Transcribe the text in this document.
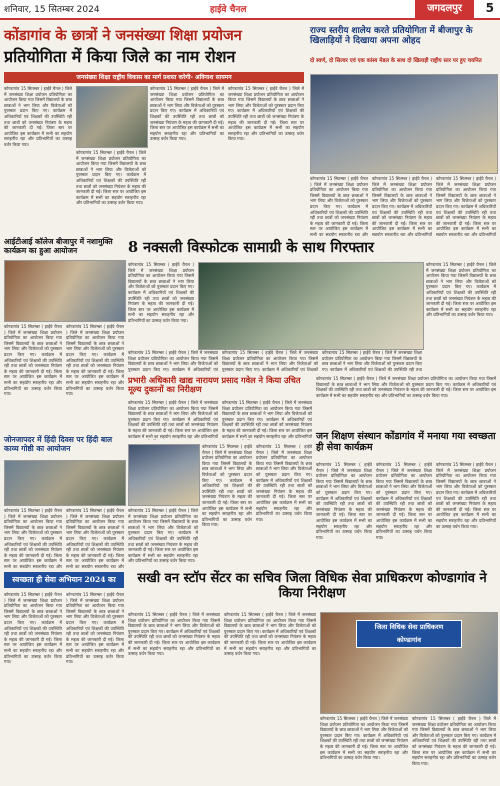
शनिवार, 15 सितम्बर 2024	हाईवे चैनल	जगदलपुर	5
कोंडागांव के छात्रों ने जनसंख्या शिक्षा प्रयोजन
प्रतियोगिता में किया जिले का नाम रोशन
जनसंख्या शिक्षा राष्ट्रीय विकास का मार्ग प्रशस्त करेगी- अविनाश सायमन
कोण्डागांव 15 सितम्बर ( हाईवे चैनल ) जिले में जनसंख्या शिक्षा प्रयोजन प्रतियोगिता का आयोजन किया गया जिसमें विद्यालयों के छात्र छात्राओं ने भाग लिया और विजेताओं को पुरस्कार प्रदान किए गए। कार्यक्रम में अधिकारियों एवं शिक्षकों की उपस्थिति रही तथा छात्रों को जनसंख्या नियंत्रण के महत्व की जानकारी दी गई। जिला स्तर पर आयोजित इस कार्यक्रम में सभी का सहयोग सराहनीय रहा और प्रतिभागियों का उत्साह वर्धन किया गया।
कोण्डागांव 15 सितम्बर ( हाईवे चैनल ) जिले में जनसंख्या शिक्षा प्रयोजन प्रतियोगिता का आयोजन किया गया जिसमें विद्यालयों के छात्र छात्राओं ने भाग लिया और विजेताओं को पुरस्कार प्रदान किए गए। कार्यक्रम में अधिकारियों एवं शिक्षकों की उपस्थिति रही तथा छात्रों को जनसंख्या नियंत्रण के महत्व की जानकारी दी गई। जिला स्तर पर आयोजित इस कार्यक्रम में सभी का सहयोग सराहनीय रहा और प्रतिभागियों का उत्साह वर्धन किया गया।
कोण्डागांव 15 सितम्बर ( हाईवे चैनल ) जिले में जनसंख्या शिक्षा प्रयोजन प्रतियोगिता का आयोजन किया गया जिसमें विद्यालयों के छात्र छात्राओं ने भाग लिया और विजेताओं को पुरस्कार प्रदान किए गए। कार्यक्रम में अधिकारियों एवं शिक्षकों की उपस्थिति रही तथा छात्रों को जनसंख्या नियंत्रण के महत्व की जानकारी दी गई। जिला स्तर पर आयोजित इस कार्यक्रम में सभी का सहयोग सराहनीय रहा और प्रतिभागियों का उत्साह वर्धन किया गया।
कोण्डागांव 15 सितम्बर ( हाईवे चैनल ) जिले में जनसंख्या शिक्षा प्रयोजन प्रतियोगिता का आयोजन किया गया जिसमें विद्यालयों के छात्र छात्राओं ने भाग लिया और विजेताओं को पुरस्कार प्रदान किए गए। कार्यक्रम में अधिकारियों एवं शिक्षकों की उपस्थिति रही तथा छात्रों को जनसंख्या नियंत्रण के महत्व की जानकारी दी गई। जिला स्तर पर आयोजित इस कार्यक्रम में सभी का सहयोग सराहनीय रहा और प्रतिभागियों का उत्साह वर्धन किया गया।
राज्य स्तरीय शालेय करते प्रतियोगिता में बीजापुर के खिलाड़ियों ने दिखाया अपना ओहद
दो स्वर्ण, दो सिल्वर एवं एक कांस्य मेडल के साथ दो खिलाड़ी राष्ट्रीय स्तर पर हुए चयनित
कोण्डागांव 15 सितम्बर ( हाईवे चैनल ) जिले में जनसंख्या शिक्षा प्रयोजन प्रतियोगिता का आयोजन किया गया जिसमें विद्यालयों के छात्र छात्राओं ने भाग लिया और विजेताओं को पुरस्कार प्रदान किए गए। कार्यक्रम में अधिकारियों एवं शिक्षकों की उपस्थिति रही तथा छात्रों को जनसंख्या नियंत्रण के महत्व की जानकारी दी गई। जिला स्तर पर आयोजित इस कार्यक्रम में सभी का सहयोग सराहनीय रहा और
कोण्डागांव 15 सितम्बर ( हाईवे चैनल ) जिले में जनसंख्या शिक्षा प्रयोजन प्रतियोगिता का आयोजन किया गया जिसमें विद्यालयों के छात्र छात्राओं ने भाग लिया और विजेताओं को पुरस्कार प्रदान किए गए। कार्यक्रम में अधिकारियों एवं शिक्षकों की उपस्थिति रही तथा छात्रों को जनसंख्या नियंत्रण के महत्व की जानकारी दी गई। जिला स्तर पर आयोजित इस कार्यक्रम में सभी का सहयोग सराहनीय रहा और प्रतिभागियों
कोण्डागांव 15 सितम्बर ( हाईवे चैनल ) जिले में जनसंख्या शिक्षा प्रयोजन प्रतियोगिता का आयोजन किया गया जिसमें विद्यालयों के छात्र छात्राओं ने भाग लिया और विजेताओं को पुरस्कार प्रदान किए गए। कार्यक्रम में अधिकारियों एवं शिक्षकों की उपस्थिति रही तथा छात्रों को जनसंख्या नियंत्रण के महत्व की जानकारी दी गई। जिला स्तर पर आयोजित इस कार्यक्रम में सभी का सहयोग सराहनीय रहा और प्रतिभागियों
आईटीआई कॉलेज बीजापुर में नशामुक्ति कार्यक्रम का हुआ आयोजन
कोण्डागांव 15 सितम्बर ( हाईवे चैनल ) जिले में जनसंख्या शिक्षा प्रयोजन प्रतियोगिता का आयोजन किया गया जिसमें विद्यालयों के छात्र छात्राओं ने भाग लिया और विजेताओं को पुरस्कार प्रदान किए गए। कार्यक्रम में अधिकारियों एवं शिक्षकों की उपस्थिति रही तथा छात्रों को जनसंख्या नियंत्रण के महत्व की जानकारी दी गई। जिला स्तर पर आयोजित इस कार्यक्रम में सभी का सहयोग सराहनीय रहा और प्रतिभागियों का उत्साह वर्धन किया गया।
कोण्डागांव 15 सितम्बर ( हाईवे चैनल ) जिले में जनसंख्या शिक्षा प्रयोजन प्रतियोगिता का आयोजन किया गया जिसमें विद्यालयों के छात्र छात्राओं ने भाग लिया और विजेताओं को पुरस्कार प्रदान किए गए। कार्यक्रम में अधिकारियों एवं शिक्षकों की उपस्थिति रही तथा छात्रों को जनसंख्या नियंत्रण के महत्व की जानकारी दी गई। जिला स्तर पर आयोजित इस कार्यक्रम में सभी का सहयोग सराहनीय रहा और प्रतिभागियों का उत्साह वर्धन किया गया।
8 नक्सली विस्फोटक सामाग्री के साथ गिरफ्तार
कोण्डागांव 15 सितम्बर ( हाईवे चैनल ) जिले में जनसंख्या शिक्षा प्रयोजन प्रतियोगिता का आयोजन किया गया जिसमें विद्यालयों के छात्र छात्राओं ने भाग लिया और विजेताओं को पुरस्कार प्रदान किए गए। कार्यक्रम में अधिकारियों एवं शिक्षकों की उपस्थिति रही तथा छात्रों को जनसंख्या नियंत्रण के महत्व की जानकारी दी गई। जिला स्तर पर आयोजित इस कार्यक्रम में सभी का सहयोग सराहनीय रहा और प्रतिभागियों का उत्साह वर्धन किया गया।
कोण्डागांव 15 सितम्बर ( हाईवे चैनल ) जिले में जनसंख्या शिक्षा प्रयोजन प्रतियोगिता का आयोजन किया गया जिसमें विद्यालयों के छात्र छात्राओं ने भाग लिया और विजेताओं को पुरस्कार प्रदान किए गए। कार्यक्रम में अधिकारियों एवं शिक्षकों की उपस्थिति रही तथा छात्रों को जनसंख्या नियंत्रण के महत्व की जानकारी दी गई। जिला स्तर पर आयोजित इस कार्यक्रम में सभी का सहयोग सराहनीय रहा और प्रतिभागियों का उत्साह वर्धन किया गया।
कोण्डागांव 15 सितम्बर ( हाईवे चैनल ) जिले में जनसंख्या शिक्षा प्रयोजन प्रतियोगिता का आयोजन किया गया जिसमें विद्यालयों के छात्र छात्राओं ने भाग लिया और विजेताओं को पुरस्कार प्रदान किए गए। कार्यक्रम में अधिकारियों एवं
कोण्डागांव 15 सितम्बर ( हाईवे चैनल ) जिले में जनसंख्या शिक्षा प्रयोजन प्रतियोगिता का आयोजन किया गया जिसमें विद्यालयों के छात्र छात्राओं ने भाग लिया और विजेताओं को पुरस्कार प्रदान किए गए। कार्यक्रम में अधिकारियों एवं शिक्षकों
कोण्डागांव 15 सितम्बर ( हाईवे चैनल ) जिले में जनसंख्या शिक्षा प्रयोजन प्रतियोगिता का आयोजन किया गया जिसमें विद्यालयों के छात्र छात्राओं ने भाग लिया और विजेताओं को पुरस्कार प्रदान किए गए। कार्यक्रम में अधिकारियों एवं शिक्षकों की उपस्थिति रही तथा
प्रभारी अधिकारी खाद्य नारायण प्रसाद गवेल ने किया उचित मूल्य दुकानों का निरीक्षण
कोण्डागांव 15 सितम्बर ( हाईवे चैनल ) जिले में जनसंख्या शिक्षा प्रयोजन प्रतियोगिता का आयोजन किया गया जिसमें विद्यालयों के छात्र छात्राओं ने भाग लिया और विजेताओं को पुरस्कार प्रदान किए गए। कार्यक्रम में अधिकारियों एवं शिक्षकों की उपस्थिति रही तथा छात्रों को जनसंख्या नियंत्रण के महत्व की जानकारी दी गई। जिला स्तर पर आयोजित इस कार्यक्रम में सभी का सहयोग सराहनीय रहा और प्रतिभागियों
कोण्डागांव 15 सितम्बर ( हाईवे चैनल ) जिले में जनसंख्या शिक्षा प्रयोजन प्रतियोगिता का आयोजन किया गया जिसमें विद्यालयों के छात्र छात्राओं ने भाग लिया और विजेताओं को पुरस्कार प्रदान किए गए। कार्यक्रम में अधिकारियों एवं शिक्षकों की उपस्थिति रही तथा छात्रों को जनसंख्या नियंत्रण के महत्व की जानकारी दी गई। जिला स्तर पर आयोजित इस कार्यक्रम में सभी का सहयोग सराहनीय रहा और प्रतिभागियों
कोण्डागांव 15 सितम्बर ( हाईवे चैनल ) जिले में जनसंख्या शिक्षा प्रयोजन प्रतियोगिता का आयोजन किया गया जिसमें विद्यालयों के छात्र छात्राओं ने भाग लिया और विजेताओं को पुरस्कार प्रदान किए गए। कार्यक्रम में अधिकारियों एवं शिक्षकों की उपस्थिति रही तथा छात्रों को जनसंख्या नियंत्रण के महत्व की जानकारी दी गई। जिला स्तर पर आयोजित इस कार्यक्रम में सभी का सहयोग सराहनीय रहा और प्रतिभागियों का उत्साह वर्धन किया गया।
जोनजापदर में हिंदी दिवस पर हिंदी बाल काव्य गोष्ठी का आयोजन
कोण्डागांव 15 सितम्बर ( हाईवे चैनल ) जिले में जनसंख्या शिक्षा प्रयोजन प्रतियोगिता का आयोजन किया गया जिसमें विद्यालयों के छात्र छात्राओं ने भाग लिया और विजेताओं को पुरस्कार प्रदान किए गए। कार्यक्रम में अधिकारियों एवं शिक्षकों की उपस्थिति रही तथा छात्रों को जनसंख्या नियंत्रण के महत्व की जानकारी दी गई। जिला स्तर पर आयोजित इस कार्यक्रम में सभी का सहयोग सराहनीय रहा और
कोण्डागांव 15 सितम्बर ( हाईवे चैनल ) जिले में जनसंख्या शिक्षा प्रयोजन प्रतियोगिता का आयोजन किया गया जिसमें विद्यालयों के छात्र छात्राओं ने भाग लिया और विजेताओं को पुरस्कार प्रदान किए गए। कार्यक्रम में अधिकारियों एवं शिक्षकों की उपस्थिति रही तथा छात्रों को जनसंख्या नियंत्रण के महत्व की जानकारी दी गई। जिला स्तर पर आयोजित इस कार्यक्रम में सभी का सहयोग सराहनीय रहा और
कोण्डागांव 15 सितम्बर ( हाईवे चैनल ) जिले में जनसंख्या शिक्षा प्रयोजन प्रतियोगिता का आयोजन किया गया जिसमें विद्यालयों के छात्र छात्राओं ने भाग लिया और विजेताओं को पुरस्कार प्रदान किए गए। कार्यक्रम में अधिकारियों एवं शिक्षकों की उपस्थिति रही तथा छात्रों को जनसंख्या नियंत्रण के महत्व की जानकारी दी गई। जिला स्तर पर आयोजित इस कार्यक्रम में सभी का सहयोग सराहनीय रहा और प्रतिभागियों का उत्साह वर्धन किया गया।
कोण्डागांव 15 सितम्बर ( हाईवे चैनल ) जिले में जनसंख्या शिक्षा प्रयोजन प्रतियोगिता का आयोजन किया गया जिसमें विद्यालयों के छात्र छात्राओं ने भाग लिया और विजेताओं को पुरस्कार प्रदान किए गए। कार्यक्रम में अधिकारियों एवं शिक्षकों की उपस्थिति रही तथा छात्रों को जनसंख्या नियंत्रण के महत्व की जानकारी दी गई। जिला स्तर पर आयोजित इस कार्यक्रम में सभी का सहयोग सराहनीय रहा और प्रतिभागियों का उत्साह वर्धन किया गया।
कोण्डागांव 15 सितम्बर ( हाईवे चैनल ) जिले में जनसंख्या शिक्षा प्रयोजन प्रतियोगिता का आयोजन किया गया जिसमें विद्यालयों के छात्र छात्राओं ने भाग लिया और विजेताओं को पुरस्कार प्रदान किए गए। कार्यक्रम में अधिकारियों एवं शिक्षकों की उपस्थिति रही तथा छात्रों को जनसंख्या नियंत्रण के महत्व की जानकारी दी गई। जिला स्तर पर आयोजित इस कार्यक्रम में सभी का सहयोग सराहनीय रहा और प्रतिभागियों का उत्साह वर्धन किया गया।
जन शिक्षण संस्थान कोंडागांव में मनाया गया स्वच्छता ही सेवा कार्यक्रम
कोण्डागांव 15 सितम्बर ( हाईवे चैनल ) जिले में जनसंख्या शिक्षा प्रयोजन प्रतियोगिता का आयोजन किया गया जिसमें विद्यालयों के छात्र छात्राओं ने भाग लिया और विजेताओं को पुरस्कार प्रदान किए गए। कार्यक्रम में अधिकारियों एवं शिक्षकों की उपस्थिति रही तथा छात्रों को जनसंख्या नियंत्रण के महत्व की जानकारी दी गई। जिला स्तर पर आयोजित इस कार्यक्रम में सभी का सहयोग सराहनीय रहा और प्रतिभागियों का उत्साह वर्धन किया गया।
कोण्डागांव 15 सितम्बर ( हाईवे चैनल ) जिले में जनसंख्या शिक्षा प्रयोजन प्रतियोगिता का आयोजन किया गया जिसमें विद्यालयों के छात्र छात्राओं ने भाग लिया और विजेताओं को पुरस्कार प्रदान किए गए। कार्यक्रम में अधिकारियों एवं शिक्षकों की उपस्थिति रही तथा छात्रों को जनसंख्या नियंत्रण के महत्व की जानकारी दी गई। जिला स्तर पर आयोजित इस कार्यक्रम में सभी का सहयोग सराहनीय रहा और प्रतिभागियों का उत्साह वर्धन किया गया।
कोण्डागांव 15 सितम्बर ( हाईवे चैनल ) जिले में जनसंख्या शिक्षा प्रयोजन प्रतियोगिता का आयोजन किया गया जिसमें विद्यालयों के छात्र छात्राओं ने भाग लिया और विजेताओं को पुरस्कार प्रदान किए गए। कार्यक्रम में अधिकारियों एवं शिक्षकों की उपस्थिति रही तथा छात्रों को जनसंख्या नियंत्रण के महत्व की जानकारी दी गई। जिला स्तर पर आयोजित इस कार्यक्रम में सभी का सहयोग सराहनीय रहा और प्रतिभागियों का उत्साह वर्धन किया गया।
स्वच्छता ही सेवा अभियान 2024 का शुभारंभ
कोण्डागांव 15 सितम्बर ( हाईवे चैनल ) जिले में जनसंख्या शिक्षा प्रयोजन प्रतियोगिता का आयोजन किया गया जिसमें विद्यालयों के छात्र छात्राओं ने भाग लिया और विजेताओं को पुरस्कार प्रदान किए गए। कार्यक्रम में अधिकारियों एवं शिक्षकों की उपस्थिति रही तथा छात्रों को जनसंख्या नियंत्रण के महत्व की जानकारी दी गई। जिला स्तर पर आयोजित इस कार्यक्रम में सभी का सहयोग सराहनीय रहा और प्रतिभागियों का उत्साह वर्धन किया गया।
कोण्डागांव 15 सितम्बर ( हाईवे चैनल ) जिले में जनसंख्या शिक्षा प्रयोजन प्रतियोगिता का आयोजन किया गया जिसमें विद्यालयों के छात्र छात्राओं ने भाग लिया और विजेताओं को पुरस्कार प्रदान किए गए। कार्यक्रम में अधिकारियों एवं शिक्षकों की उपस्थिति रही तथा छात्रों को जनसंख्या नियंत्रण के महत्व की जानकारी दी गई। जिला स्तर पर आयोजित इस कार्यक्रम में सभी का सहयोग सराहनीय रहा और प्रतिभागियों का उत्साह वर्धन किया गया।
सखी वन स्टॉप सेंटर का सचिव जिला विधिक सेवा प्राधिकरण कोण्डागांव ने किया निरीक्षण
कोण्डागांव 15 सितम्बर ( हाईवे चैनल ) जिले में जनसंख्या शिक्षा प्रयोजन प्रतियोगिता का आयोजन किया गया जिसमें विद्यालयों के छात्र छात्राओं ने भाग लिया और विजेताओं को पुरस्कार प्रदान किए गए। कार्यक्रम में अधिकारियों एवं शिक्षकों की उपस्थिति रही तथा छात्रों को जनसंख्या नियंत्रण के महत्व की जानकारी दी गई। जिला स्तर पर आयोजित इस कार्यक्रम में सभी का सहयोग सराहनीय रहा और प्रतिभागियों का उत्साह वर्धन किया गया।
कोण्डागांव 15 सितम्बर ( हाईवे चैनल ) जिले में जनसंख्या शिक्षा प्रयोजन प्रतियोगिता का आयोजन किया गया जिसमें विद्यालयों के छात्र छात्राओं ने भाग लिया और विजेताओं को पुरस्कार प्रदान किए गए। कार्यक्रम में अधिकारियों एवं शिक्षकों की उपस्थिति रही तथा छात्रों को जनसंख्या नियंत्रण के महत्व की जानकारी दी गई। जिला स्तर पर आयोजित इस कार्यक्रम में सभी का सहयोग सराहनीय रहा और प्रतिभागियों का उत्साह वर्धन किया गया।
जिला विधिक सेवा प्राधिकरण
कोण्डागांव
कोण्डागांव 15 सितम्बर ( हाईवे चैनल ) जिले में जनसंख्या शिक्षा प्रयोजन प्रतियोगिता का आयोजन किया गया जिसमें विद्यालयों के छात्र छात्राओं ने भाग लिया और विजेताओं को पुरस्कार प्रदान किए गए। कार्यक्रम में अधिकारियों एवं शिक्षकों की उपस्थिति रही तथा छात्रों को जनसंख्या नियंत्रण के महत्व की जानकारी दी गई। जिला स्तर पर आयोजित इस कार्यक्रम में सभी का सहयोग सराहनीय रहा और प्रतिभागियों का उत्साह वर्धन किया गया।
कोण्डागांव 15 सितम्बर ( हाईवे चैनल ) जिले में जनसंख्या शिक्षा प्रयोजन प्रतियोगिता का आयोजन किया गया जिसमें विद्यालयों के छात्र छात्राओं ने भाग लिया और विजेताओं को पुरस्कार प्रदान किए गए। कार्यक्रम में अधिकारियों एवं शिक्षकों की उपस्थिति रही तथा छात्रों को जनसंख्या नियंत्रण के महत्व की जानकारी दी गई। जिला स्तर पर आयोजित इस कार्यक्रम में सभी का सहयोग सराहनीय रहा और प्रतिभागियों का उत्साह वर्धन किया गया।
